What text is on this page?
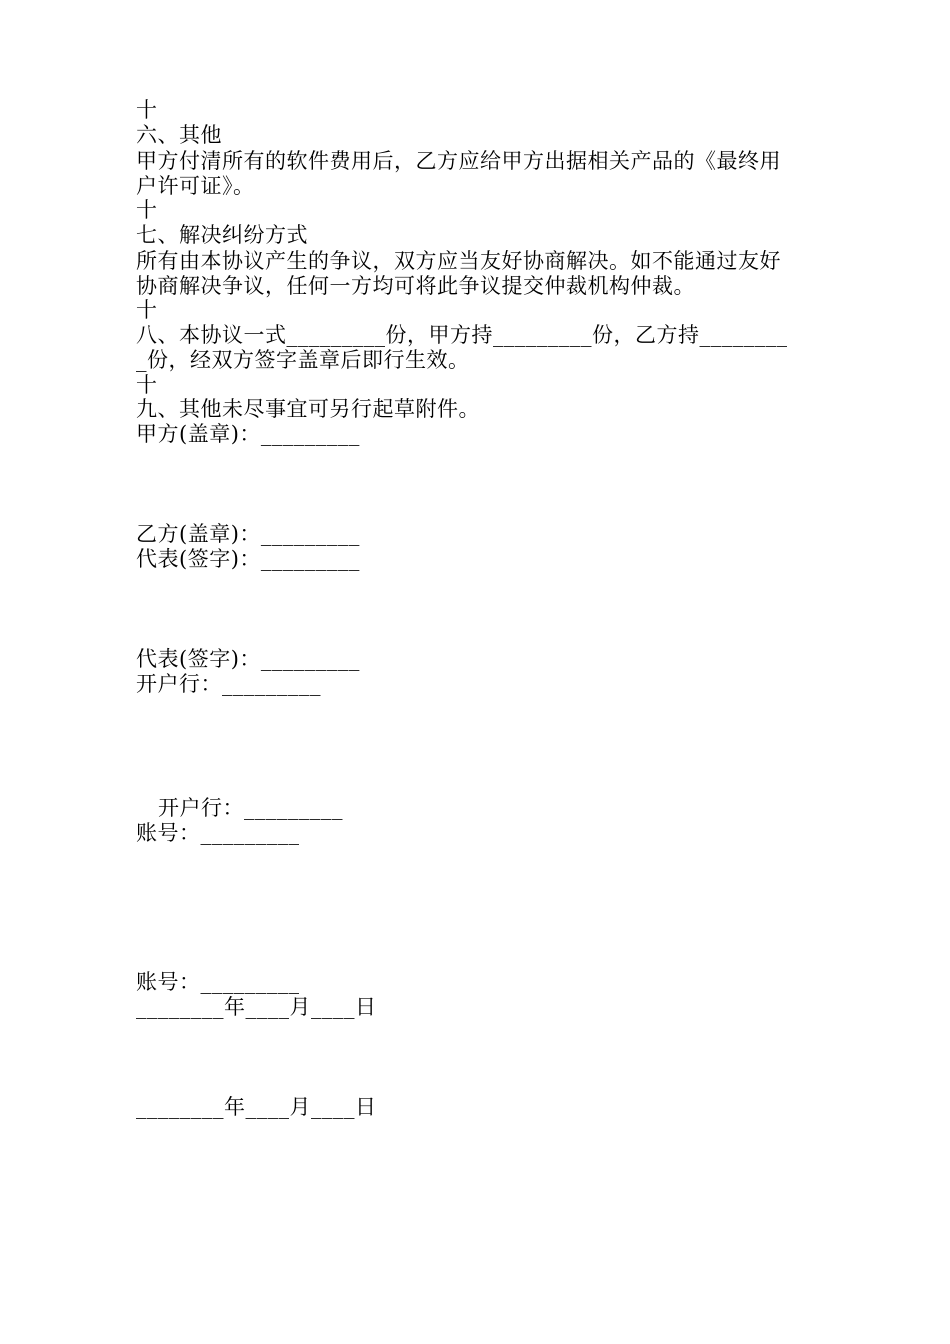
十
六、其他
甲方付清所有的软件费用后，乙方应给甲方出据相关产品的《最终用
户许可证》。
十
七、解决纠纷方式
所有由本协议产生的争议，双方应当友好协商解决。如不能通过友好
协商解决争议，任何一方均可将此争议提交仲裁机构仲裁。
十
八、本协议一式_________份，甲方持_________份，乙方持________
_份，经双方签字盖章后即行生效。
十
九、其他未尽事宜可另行起草附件。
甲方(盖章)：_________
乙方(盖章)：_________
代表(签字)：_________
代表(签字)：_________
开户行：_________
开户行：_________
账号：_________
账号：_________
________年____月____日
________年____月____日
